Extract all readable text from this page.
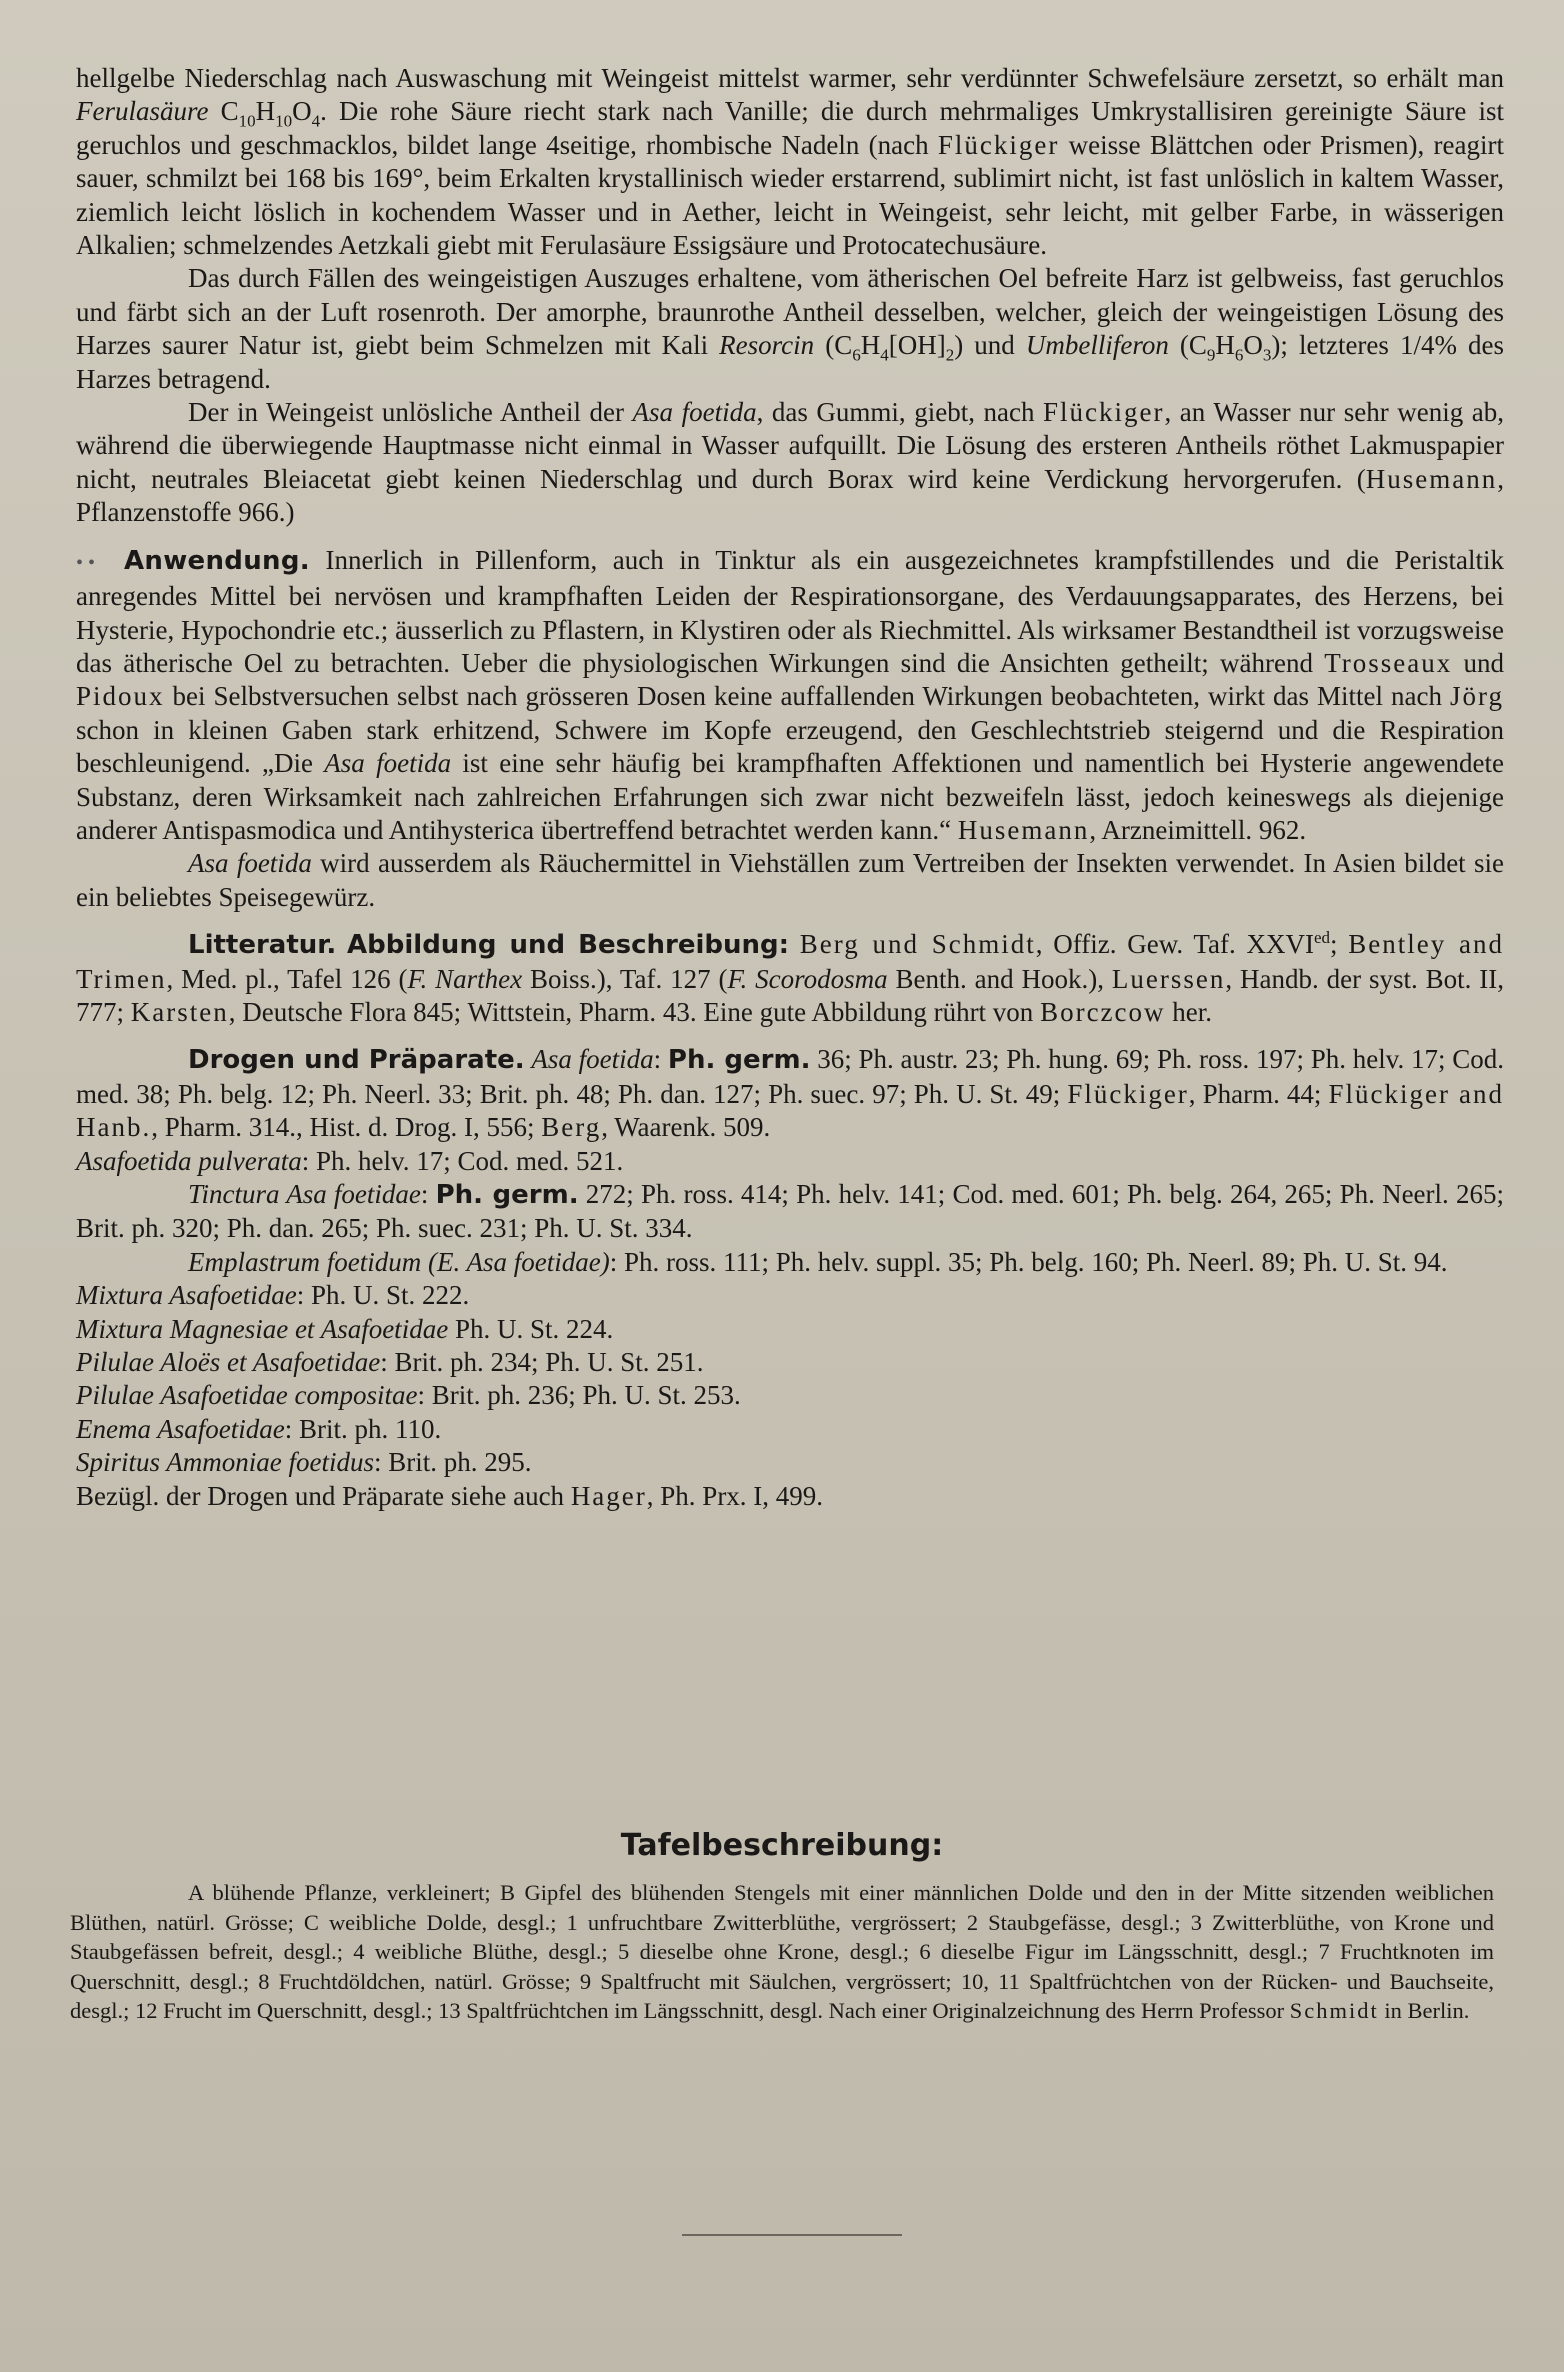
hellgelbe Niederschlag nach Auswaschung mit Weingeist mittelst warmer, sehr verdünnter Schwefelsäure zersetzt, so erhält man Ferulasäure $C_{10}H_{10}O_4$. Die rohe Säure riecht stark nach Vanille; die durch mehrmaliges Umkrystallisiren gereinigte Säure ist geruchlos und geschmacklos, bildet lange 4seitige, rhombische Nadeln (nach Flückiger weisse Blättchen oder Prismen), reagirt sauer, schmilzt bei 168 bis 169°, beim Erkalten krystallinisch wieder erstarrend, sublimirt nicht, ist fast unlöslich in kaltem Wasser, ziemlich leicht löslich in kochendem Wasser und in Aether, leicht in Weingeist, sehr leicht, mit gelber Farbe, in wässerigen Alkalien; schmelzendes Aetzkali giebt mit Ferulasäure Essigsäure und Protocatechusäure.

Das durch Fällen des weingeistigen Auszuges erhaltene, vom ätherischen Oel befreite Harz ist gelbweiss, fast geruchlos und färbt sich an der Luft rosenroth. Der amorphe, braunrothe Antheil desselben, welcher, gleich der weingeistigen Lösung des Harzes saurer Natur ist, giebt beim Schmelzen mit Kali Resorcin $(C_6H_4[OH]_2)$ und Umbelliferon $(C_9H_6O_3)$; letzteres 1/4% des Harzes betragend.

Der in Weingeist unlösliche Antheil der Asa foetida, das Gummi, giebt, nach Flückiger, an Wasser nur sehr wenig ab, während die überwiegende Hauptmasse nicht einmal in Wasser aufquillt. Die Lösung des ersteren Antheils röthet Lakmuspapier nicht, neutrales Bleiacetat giebt keinen Niederschlag und durch Borax wird keine Verdickung hervorgerufen. (Husemann, Pflanzenstoffe 966.)

• • Anwendung. Innerlich in Pillenform, auch in Tinktur als ein ausgezeichnetes krampfstillendes und die Peristaltik anregendes Mittel bei nervösen und krampfhaften Leiden der Respirationsorgane, des Verdauungsapparates, des Herzens, bei Hysterie, Hypochondrie etc.; äusserlich zu Pflastern, in Klystiren oder als Riechmittel. Als wirksamer Bestandtheil ist vorzugsweise das ätherische Oel zu betrachten. Ueber die physiologischen Wirkungen sind die Ansichten getheilt; während Trosseaux und Pidoux bei Selbstversuchen selbst nach grösseren Dosen keine auffallenden Wirkungen beobachteten, wirkt das Mittel nach Jörg schon in kleinen Gaben stark erhitzend, Schwere im Kopfe erzeugend, den Geschlechtstrieb steigernd und die Respiration beschleunigend. „Die Asa foetida ist eine sehr häufig bei krampfhaften Affektionen und namentlich bei Hysterie angewendete Substanz, deren Wirksamkeit nach zahlreichen Erfahrungen sich zwar nicht bezweifeln lässt, jedoch keineswegs als diejenige anderer Antispasmodica und Antihysterica übertreffend betrachtet werden kann.“ Husemann, Arzneimittell. 962.

Asa foetida wird ausserdem als Räuchermittel in Viehställen zum Vertreiben der Insekten verwendet. In Asien bildet sie ein beliebtes Speisegewürz.

Litteratur. Abbildung und Beschreibung: Berg und Schmidt, Offiz. Gew. Taf. $XXVI^{ed}$; Bentley and Trimen, Med. pl., Tafel 126 (F. Narthex Boiss.), Taf. 127 (F. Scorodosma Benth. and Hook.), Luerssen, Handb. der syst. Bot. II, 777; Karsten, Deutsche Flora 845; Wittstein, Pharm. 43. Eine gute Abbildung rührt von Borczcow her.

Drogen und Präparate. Asa foetida: Ph. germ. 36; Ph. austr. 23; Ph. hung. 69; Ph. ross. 197; Ph. helv. 17; Cod. med. 38; Ph. belg. 12; Ph. Neerl. 33; Brit. ph. 48; Ph. dan. 127; Ph. suec. 97; Ph. U. St. 49; Flückiger, Pharm. 44; Flückiger and Hanb., Pharm. 314., Hist. d. Drog. I, 556; Berg, Waarenk. 509.

Asafoetida pulverata: Ph. helv. 17; Cod. med. 521.

Tinctura Asa foetidae: Ph. germ. 272; Ph. ross. 414; Ph. helv. 141; Cod. med. 601; Ph. belg. 264, 265; Ph. Neerl. 265; Brit. ph. 320; Ph. dan. 265; Ph. suec. 231; Ph. U. St. 334.

Emplastrum foetidum (E. Asa foetidae): Ph. ross. 111; Ph. helv. suppl. 35; Ph. belg. 160; Ph. Neerl. 89; Ph. U. St. 94.

Mixtura Asafoetidae: Ph. U. St. 222.

Mixtura Magnesiae et Asafoetidae Ph. U. St. 224.

Pilulae Aloës et Asafoetidae: Brit. ph. 234; Ph. U. St. 251.

Pilulae Asafoetidae compositae: Brit. ph. 236; Ph. U. St. 253.

Enema Asafoetidae: Brit. ph. 110.

Spiritus Ammoniae foetidus: Brit. ph. 295.

Bezügl. der Drogen und Präparate siehe auch Hager, Ph. Prx. I, 499.

Tafelbeschreibung:

A blühende Pflanze, verkleinert; B Gipfel des blühenden Stengels mit einer männlichen Dolde und den in der Mitte sitzenden weiblichen Blüthen, natürl. Grösse; C weibliche Dolde, desgl.; 1 unfruchtbare Zwitterblüthe, vergrössert; 2 Staubgefässe, desgl.; 3 Zwitterblüthe, von Krone und Staubgefässen befreit, desgl.; 4 weibliche Blüthe, desgl.; 5 dieselbe ohne Krone, desgl.; 6 dieselbe Figur im Längsschnitt, desgl.; 7 Fruchtknoten im Querschnitt, desgl.; 8 Fruchtdöldchen, natürl. Grösse; 9 Spaltfrucht mit Säulchen, vergrössert; 10, 11 Spaltfrüchtchen von der Rücken- und Bauchseite, desgl.; 12 Frucht im Querschnitt, desgl.; 13 Spaltfrüchtchen im Längsschnitt, desgl. Nach einer Originalzeichnung des Herrn Professor Schmidt in Berlin.
